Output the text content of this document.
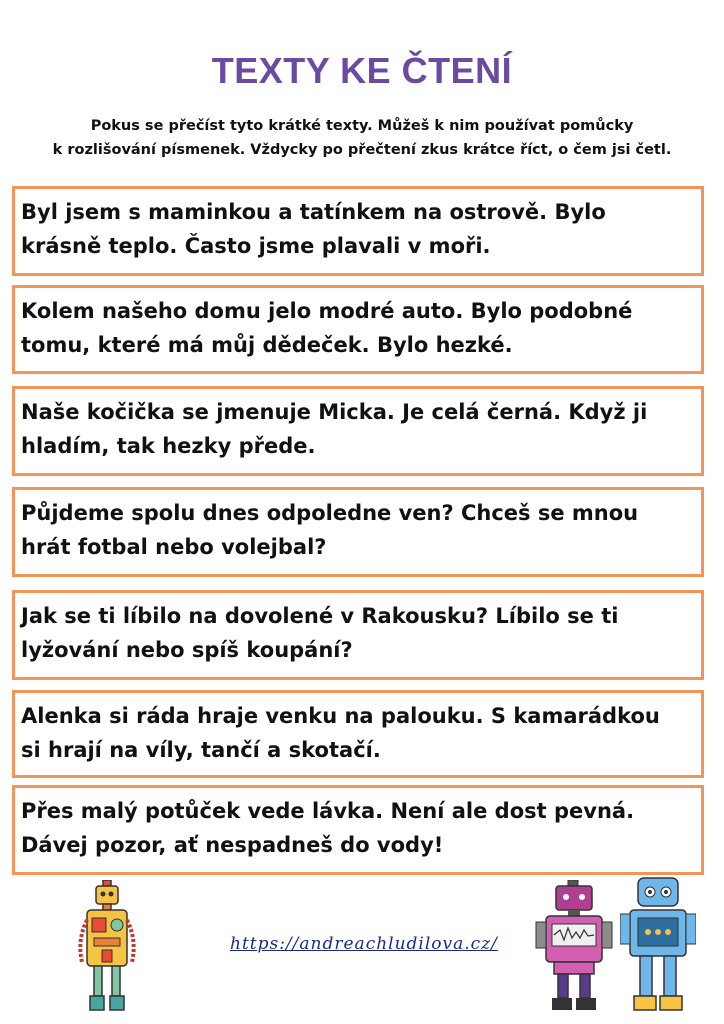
TEXTY KE ČTENÍ
Pokus se přečíst tyto krátké texty. Můžeš k nim používat pomůcky
k rozlišování písmenek. Vždycky po přečtení zkus krátce říct, o čem jsi četl.
Byl jsem s maminkou a tatínkem na ostrově. Bylo
krásně teplo. Často jsme plavali v moři.
Kolem našeho domu jelo modré auto. Bylo podobné
tomu, které má můj dědeček. Bylo hezké.
Naše kočička se jmenuje Micka. Je celá černá. Když ji
hladím, tak hezky přede.
Půjdeme spolu dnes odpoledne ven? Chceš se mnou
hrát fotbal nebo volejbal?
Jak se ti líbilo na dovolené v Rakousku? Líbilo se ti
lyžování nebo spíš koupání?
Alenka si ráda hraje venku na palouku. S kamarádkou
si hrají na víly, tančí a skotačí.
Přes malý potůček vede lávka. Není ale dost pevná.
Dávej pozor, ať nespadneš do vody!
https://andreachludilova.cz/
